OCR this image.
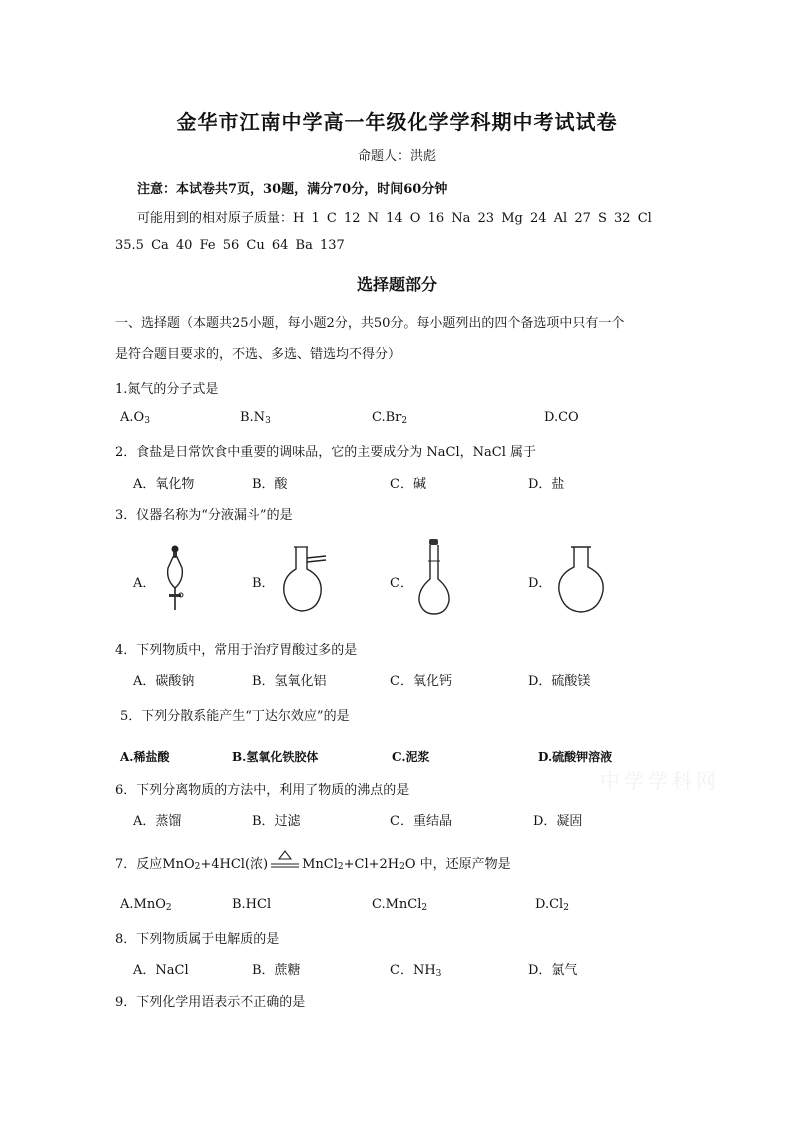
金华市江南中学高一年级化学学科期中考试试卷
命题人：洪彪
注意：本试卷共7页，30题，满分70分，时间60分钟
可能用到的相对原子质量：H 1 C 12 N 14 O 16 Na 23 Mg 24 Al 27 S 32 Cl
35.5 Ca 40 Fe 56 Cu 64 Ba 137
选择题部分
一、选择题（本题共25小题，每小题2分，共50分。每小题列出的四个备选项中只有一个
是符合题目要求的，不选、多选、错选均不得分）
1.氮气的分子式是
$A.O_3$	$B.N_3$	$C.Br_2$	D.CO
2．食盐是日常饮食中重要的调味品，它的主要成分为 NaCl，NaCl 属于
A．氧化物	B．酸	C．碱	D．盐
3．仪器名称为“分液漏斗”的是
A．	B．	C．	D．
4．下列物质中，常用于治疗胃酸过多的是
A．碳酸钠	B．氢氧化铝	C．氧化钙	D．硫酸镁
5．下列分散系能产生“丁达尔效应”的是
A.稀盐酸	B.氢氧化铁胶体	C.泥浆	D.硫酸钾溶液
中学学科网
6．下列分离物质的方法中，利用了物质的沸点的是
A．蒸馏	B．过滤	C．重结晶	D．凝固
7．反应MnO$_2$ +4HCl(浓)	MnCl 2 +Cl+2H 2 O 中，还原产物是
A.MnO$_2$	B.HCl	C.MnCl$_2$	$D.Cl_2$
8．下列物质属于电解质的是
A．NaCl	B．蔗糖	C．$NH_3$	D．氯气
9．下列化学用语表示不正确的是
